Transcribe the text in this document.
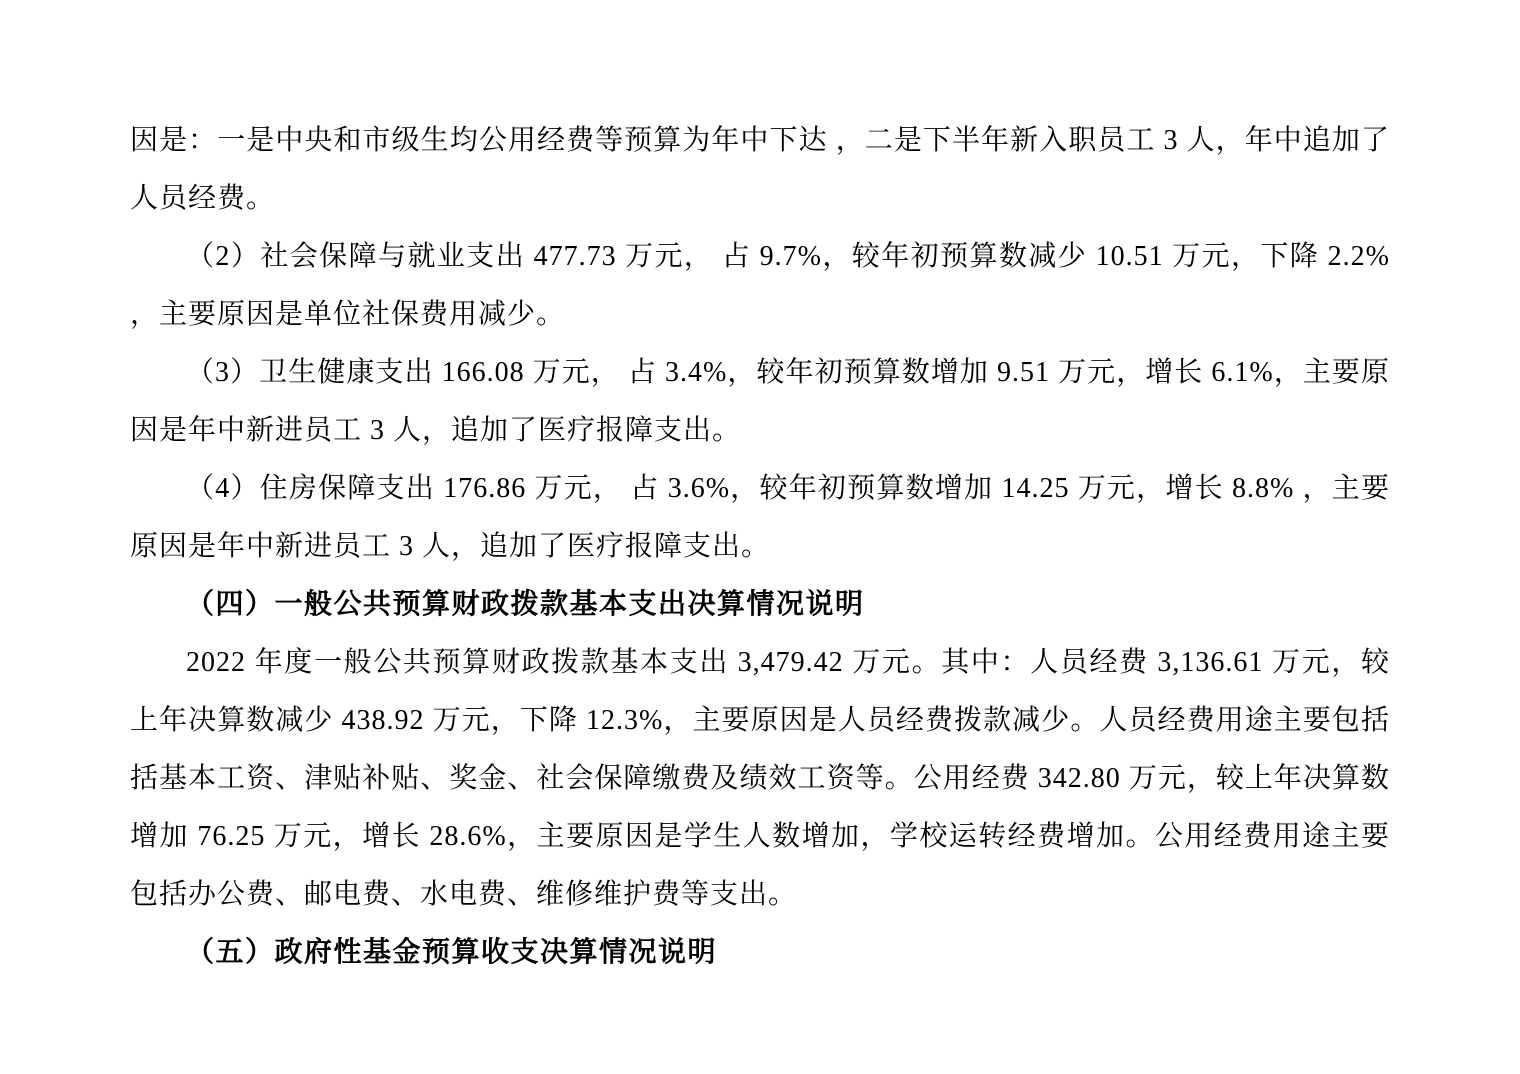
因是：一是中央和市级生均公用经费等预算为年中下达 ，二是下半年新入职员工 3 人，年中追加了人员经费。

（2）社会保障与就业支出 477.73 万元， 占 9.7%，较年初预算数减少 10.51 万元，下降 2.2% ，主要原因是单位社保费用减少。

（3）卫生健康支出 166.08 万元， 占 3.4%，较年初预算数增加 9.51 万元，增长 6.1%，主要原因是年中新进员工 3 人，追加了医疗报障支出。

（4）住房保障支出 176.86 万元， 占 3.6%，较年初预算数增加 14.25 万元，增长 8.8% ，主要原因是年中新进员工 3 人，追加了医疗报障支出。

（四）一般公共预算财政拨款基本支出决算情况说明

2022 年度一般公共预算财政拨款基本支出 3,479.42 万元。其中：人员经费 3,136.61 万元，较上年决算数减少 438.92 万元，下降 12.3%，主要原因是人员经费拨款减少。人员经费用途主要包括括基本工资、津贴补贴、奖金、社会保障缴费及绩效工资等。公用经费 342.80 万元，较上年决算数增加 76.25 万元，增长 28.6%，主要原因是学生人数增加，学校运转经费增加。公用经费用途主要包括办公费、邮电费、水电费、维修维护费等支出。

（五）政府性基金预算收支决算情况说明
